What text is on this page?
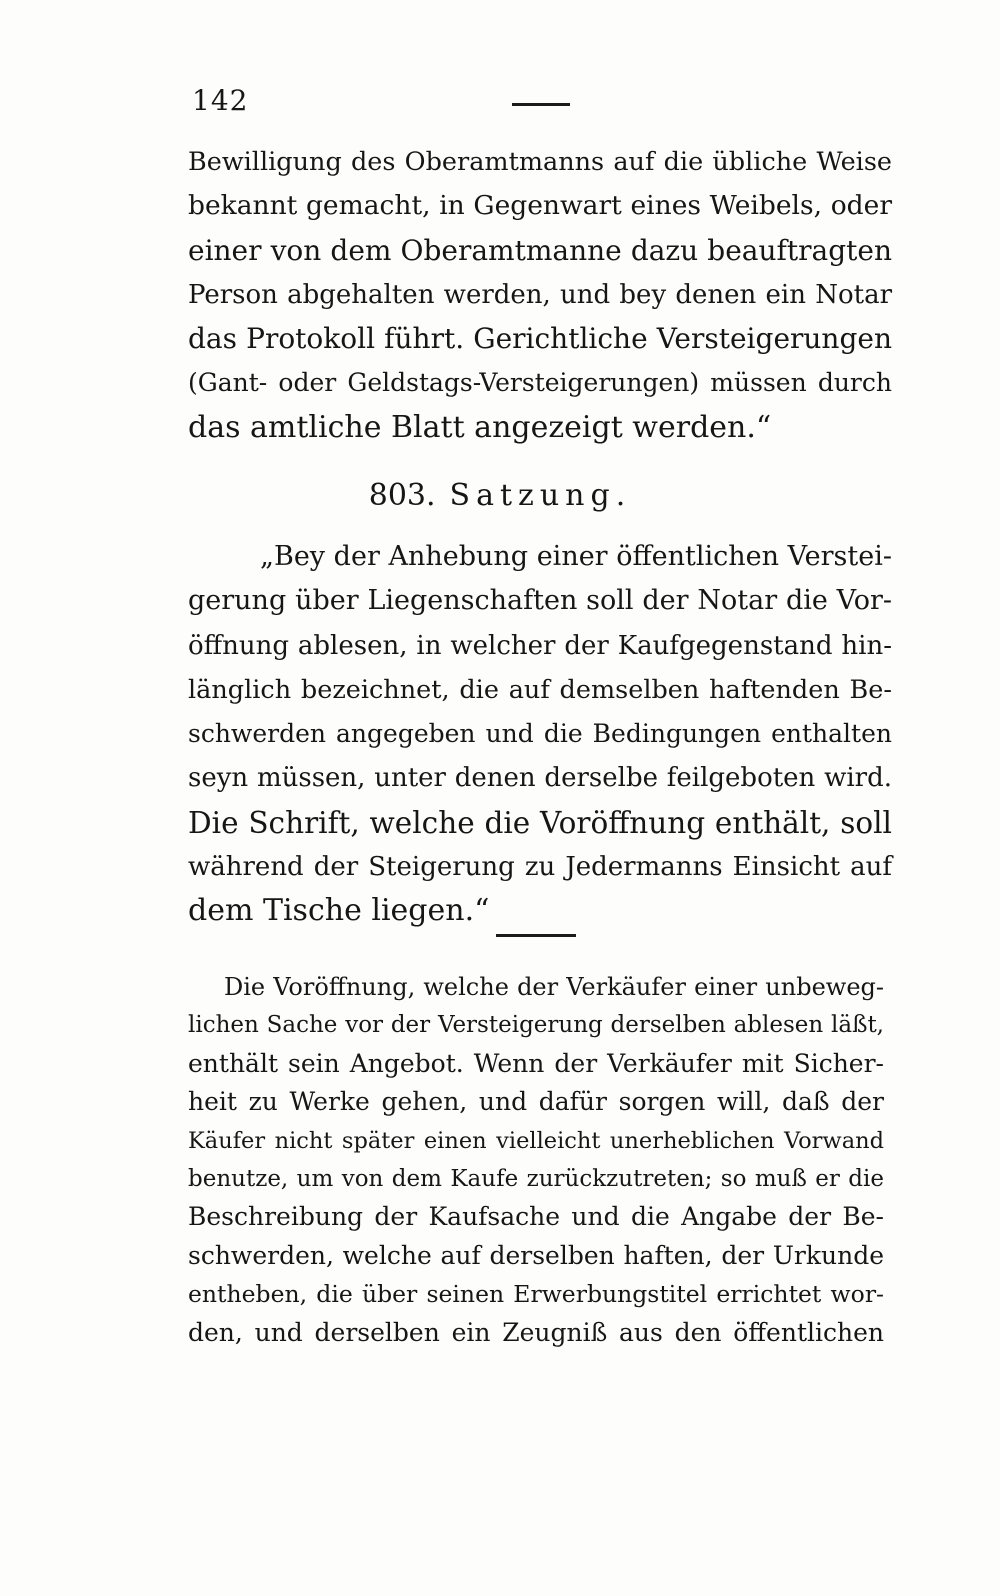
142

Bewilligung des Oberamtmanns auf die übliche Weise
bekannt gemacht, in Gegenwart eines Weibels, oder
einer von dem Oberamtmanne dazu beauftragten
Person abgehalten werden, und bey denen ein Notar
das Protokoll führt. Gerichtliche Versteigerungen
(Gant- oder Geldstags-Versteigerungen) müssen durch
das amtliche Blatt angezeigt werden.“

803. Satzung.

„Bey der Anhebung einer öffentlichen Verstei-
gerung über Liegenschaften soll der Notar die Vor-
öffnung ablesen, in welcher der Kaufgegenstand hin-
länglich bezeichnet, die auf demselben haftenden Be-
schwerden angegeben und die Bedingungen enthalten
seyn müssen, unter denen derselbe feilgeboten wird.
Die Schrift, welche die Voröffnung enthält, soll
während der Steigerung zu Jedermanns Einsicht auf
dem Tische liegen.“

Die Voröffnung, welche der Verkäufer einer unbeweg-
lichen Sache vor der Versteigerung derselben ablesen läßt,
enthält sein Angebot. Wenn der Verkäufer mit Sicher-
heit zu Werke gehen, und dafür sorgen will, daß der
Käufer nicht später einen vielleicht unerheblichen Vorwand
benutze, um von dem Kaufe zurückzutreten; so muß er die
Beschreibung der Kaufsache und die Angabe der Be-
schwerden, welche auf derselben haften, der Urkunde
entheben, die über seinen Erwerbungstitel errichtet wor-
den, und derselben ein Zeugniß aus den öffentlichen
